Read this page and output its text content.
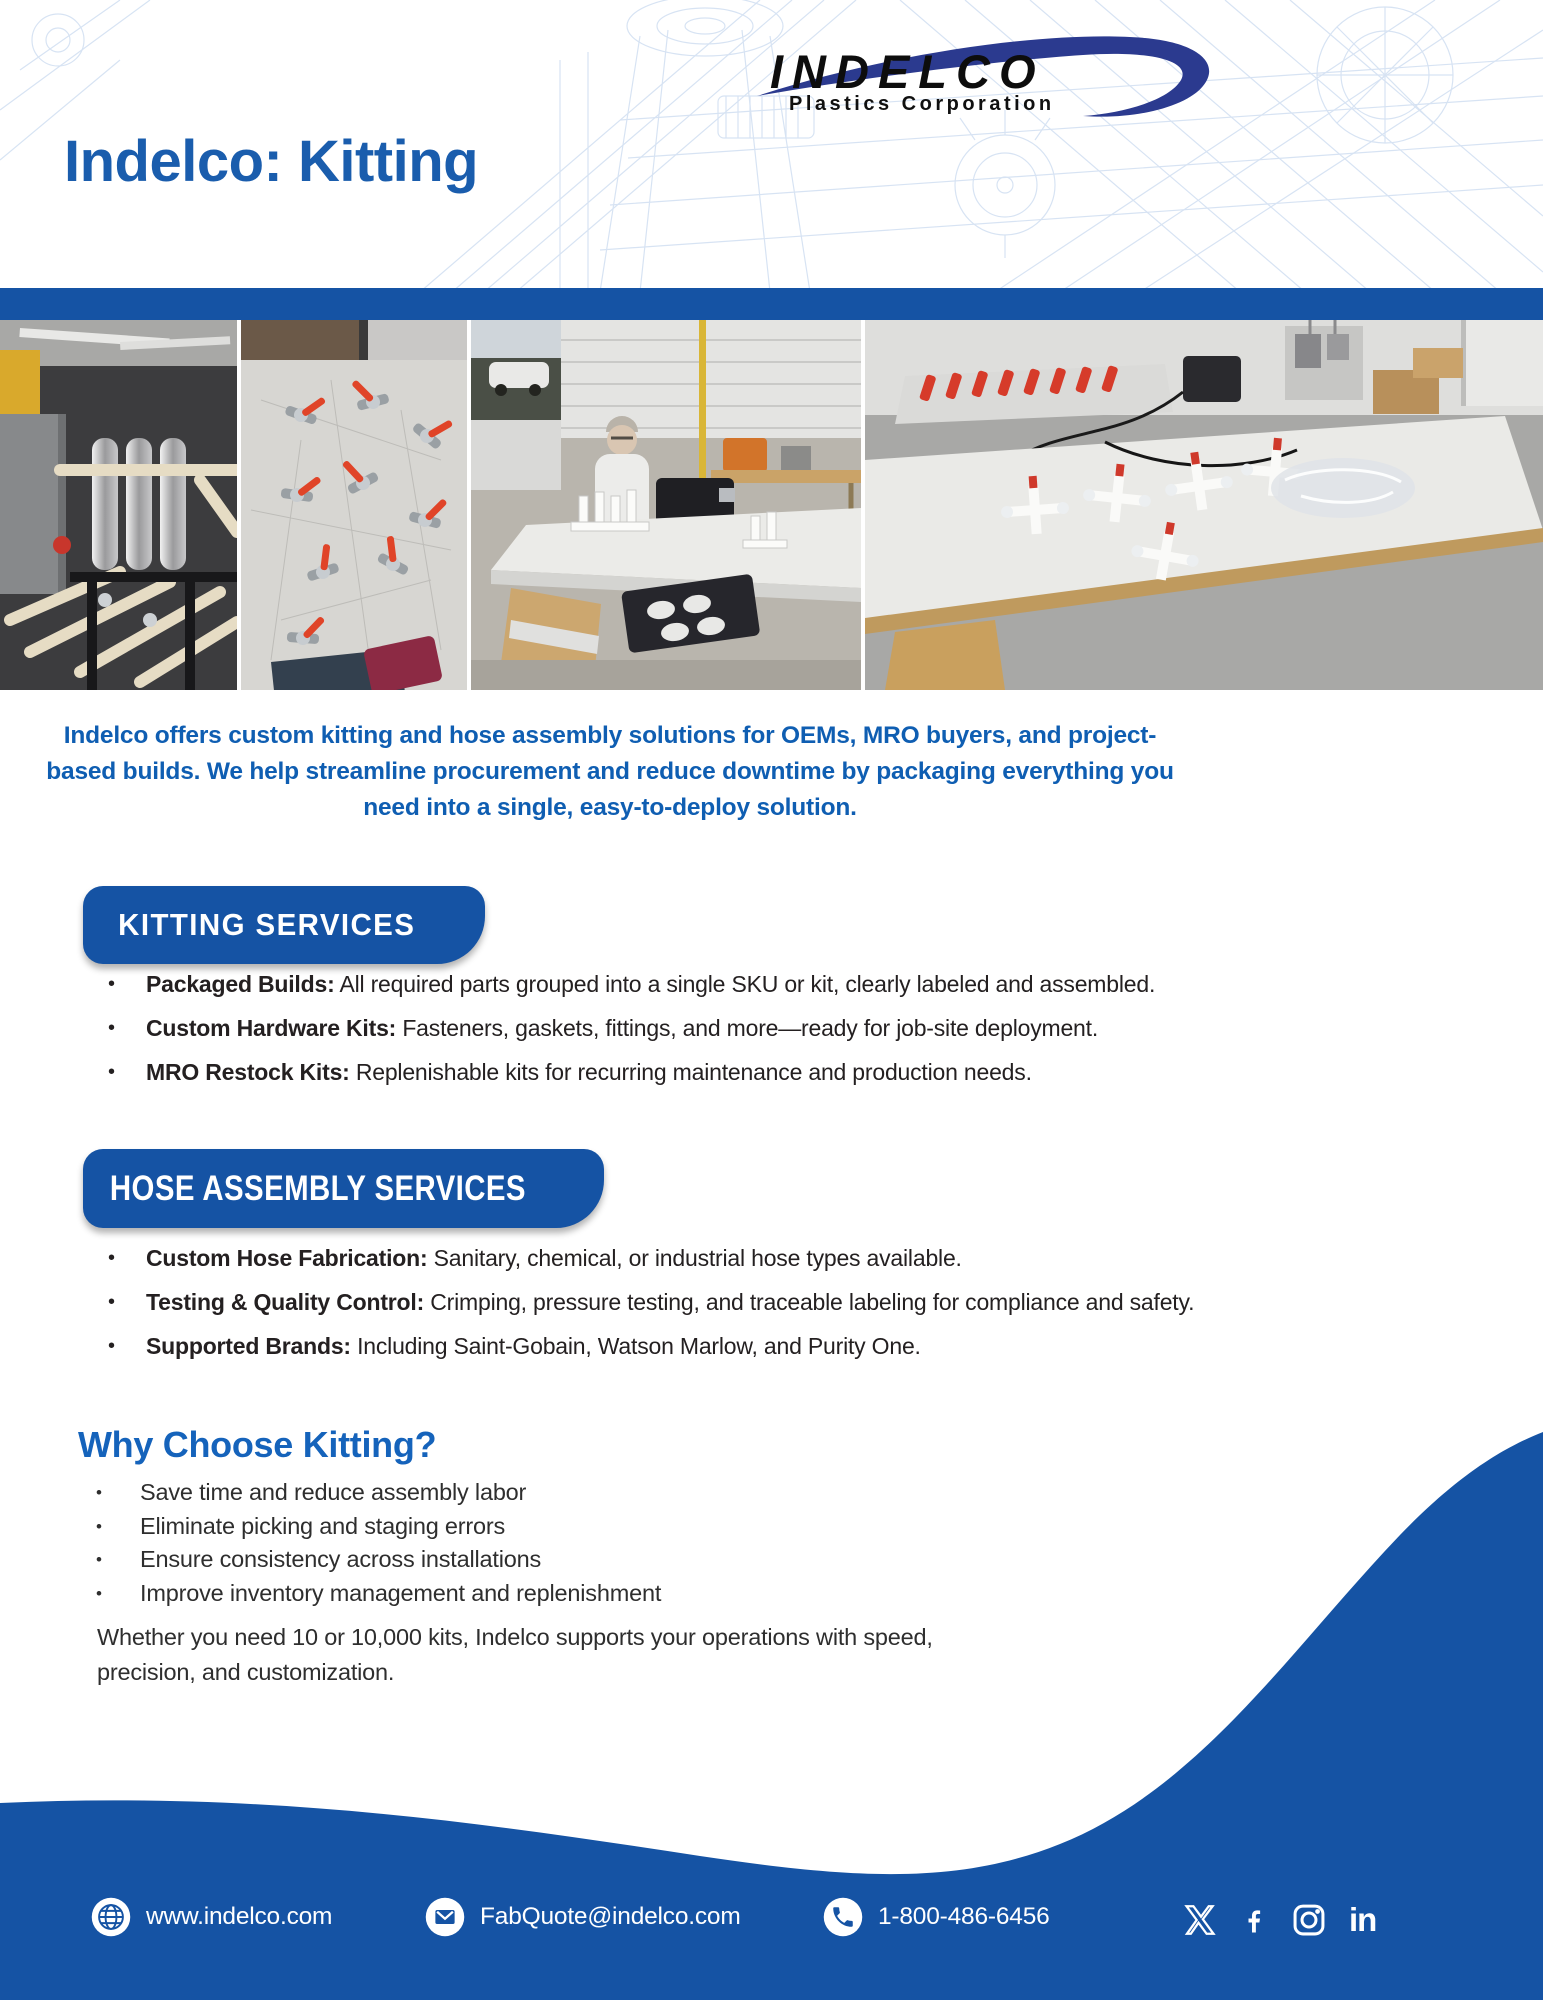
INDELCO
Plastics Corporation
Indelco: Kitting

Indelco offers custom kitting and hose assembly solutions for OEMs, MRO buyers, and project-based builds. We help streamline procurement and reduce downtime by packaging everything you need into a single, easy-to-deploy solution.

KITTING SERVICES
• Packaged Builds: All required parts grouped into a single SKU or kit, clearly labeled and assembled.
• Custom Hardware Kits: Fasteners, gaskets, fittings, and more—ready for job-site deployment.
• MRO Restock Kits: Replenishable kits for recurring maintenance and production needs.
HOSE ASSEMBLY SERVICES
• Custom Hose Fabrication: Sanitary, chemical, or industrial hose types available.
• Testing & Quality Control: Crimping, pressure testing, and traceable labeling for compliance and safety.
• Supported Brands: Including Saint-Gobain, Watson Marlow, and Purity One.
Why Choose Kitting?
• Save time and reduce assembly labor
• Eliminate picking and staging errors
• Ensure consistency across installations
• Improve inventory management and replenishment

Whether you need 10 or 10,000 kits, Indelco supports your operations with speed, precision, and customization.

www.indelco.com	FabQuote@indelco.com	1-800-486-6456	in
